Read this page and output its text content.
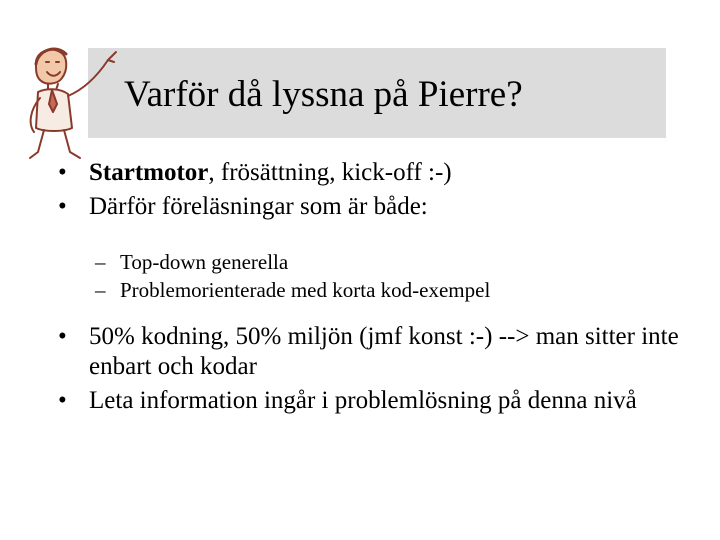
Varför då lyssna på Pierre?
• Startmotor, frösättning, kick-off :-)
• Därför föreläsningar som är både:
– Top-down generella
– Problemorienterade med korta kod-exempel
• 50% kodning, 50% miljön (jmf konst :-) --> man sitter inte enbart och kodar
• Leta information ingår i problemlösning på denna nivå
